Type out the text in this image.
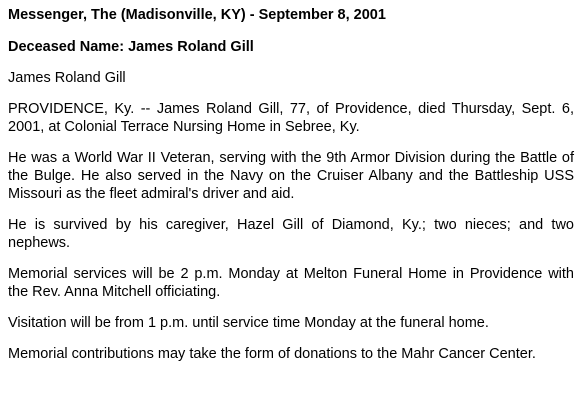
Messenger, The (Madisonville, KY) - September 8, 2001

Deceased Name: James Roland Gill

James Roland Gill

PROVIDENCE, Ky. -- James Roland Gill, 77, of Providence, died Thursday, Sept. 6, 2001, at Colonial Terrace Nursing Home in Sebree, Ky.

He was a World War II Veteran, serving with the 9th Armor Division during the Battle of the Bulge. He also served in the Navy on the Cruiser Albany and the Battleship USS Missouri as the fleet admiral's driver and aid.

He is survived by his caregiver, Hazel Gill of Diamond, Ky.; two nieces; and two nephews.

Memorial services will be 2 p.m. Monday at Melton Funeral Home in Providence with the Rev. Anna Mitchell officiating.

Visitation will be from 1 p.m. until service time Monday at the funeral home.

Memorial contributions may take the form of donations to the Mahr Cancer Center.
